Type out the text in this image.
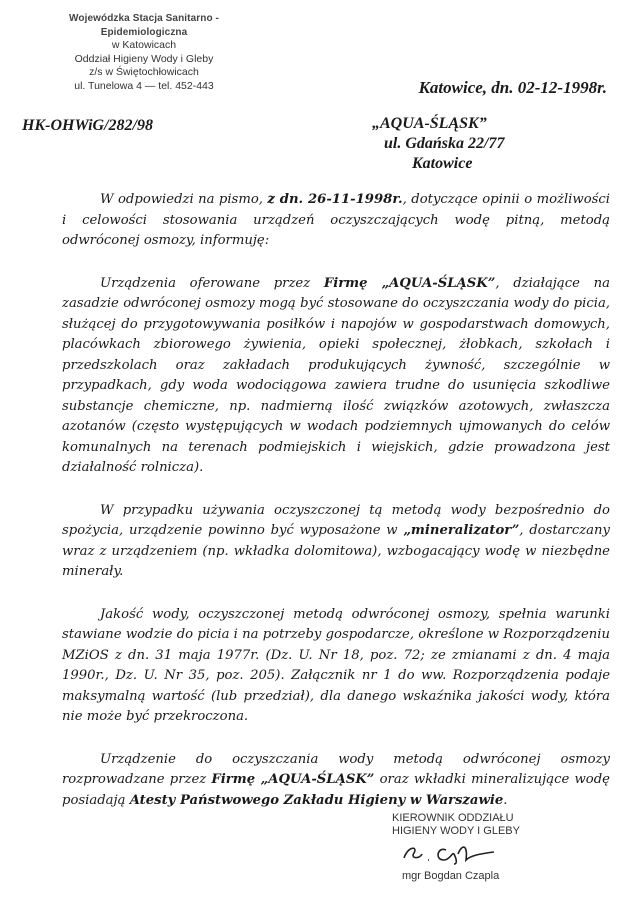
Wojewódzka Stacja Sanitarno - Epidemiologiczna
w Katowicach
Oddział Higieny Wody i Gleby
z/s w Świętochłowicach
ul. Tunelowa 4 — tel. 452-443	Katowice, dn. 02-12-1998r.
HK-OHWiG/282/98	„AQUA-ŚLĄSK”
ul. Gdańska 22/77
Katowice

W odpowiedzi na pismo, z dn. 26-11-1998r., dotyczące opinii o możliwości i celowości stosowania urządzeń oczyszczających wodę pitną, metodą odwróconej osmozy, informuję:

Urządzenia oferowane przez Firmę „AQUA-ŚLĄSK”, działające na zasadzie odwróconej osmozy mogą być stosowane do oczyszczania wody do picia, służącej do przygotowywania posiłków i napojów w gospodarstwach domowych, placówkach zbiorowego żywienia, opieki społecznej, żłobkach, szkołach i przedszkolach oraz zakładach produkujących żywność, szczególnie w przypadkach, gdy woda wodociągowa zawiera trudne do usunięcia szkodliwe substancje chemiczne, np. nadmierną ilość związków azotowych, zwłaszcza azotanów (często występujących w wodach podziemnych ujmowanych do celów komunalnych na terenach podmiejskich i wiejskich, gdzie prowadzona jest działalność rolnicza).

W przypadku używania oczyszczonej tą metodą wody bezpośrednio do spożycia, urządzenie powinno być wyposażone w „mineralizator”, dostarczany wraz z urządzeniem (np. wkładka dolomitowa), wzbogacający wodę w niezbędne minerały.

Jakość wody, oczyszczonej metodą odwróconej osmozy, spełnia warunki stawiane wodzie do picia i na potrzeby gospodarcze, określone w Rozporządzeniu MZiOS z dn. 31 maja 1977r. (Dz. U. Nr 18, poz. 72; ze zmianami z dn. 4 maja 1990r., Dz. U. Nr 35, poz. 205). Załącznik nr 1 do ww. Rozporządzenia podaje maksymalną wartość (lub przedział), dla danego wskaźnika jakości wody, która nie może być przekroczona.

Urządzenie do oczyszczania wody metodą odwróconej osmozy rozprowadzane przez Firmę „AQUA-ŚLĄSK” oraz wkładki mineralizujące wodę posiadają Atesty Państwowego Zakładu Higieny w Warszawie.

KIEROWNIK ODDZIAŁU
HIGIENY WODY I GLEBY
mgr Bogdan Czapla
